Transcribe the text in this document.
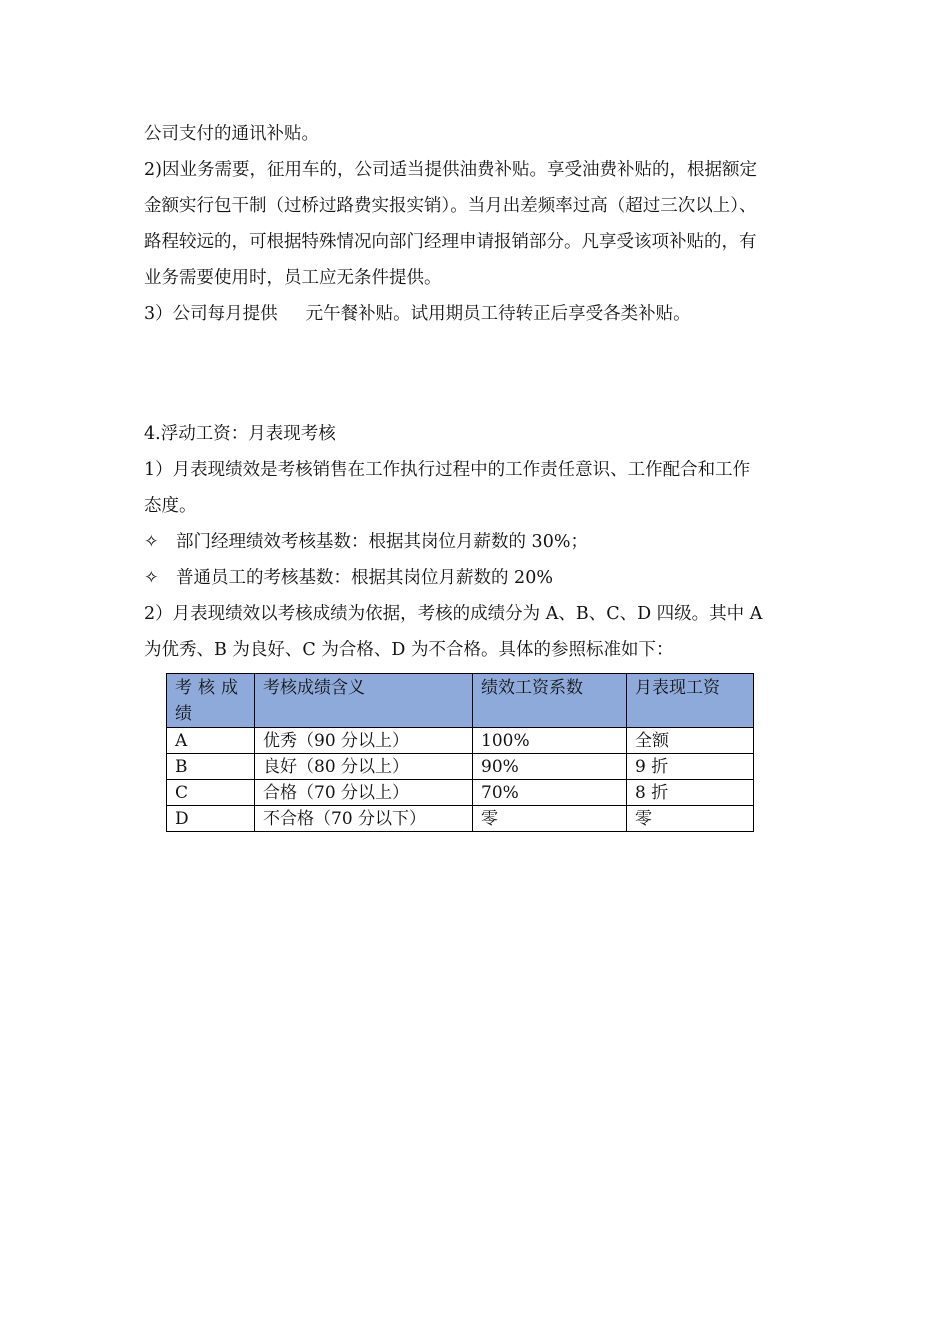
公司支付的通讯补贴。

2)因业务需要，征用车的，公司适当提供油费补贴。享受油费补贴的，根据额定

金额实行包干制（过桥过路费实报实销）。当月出差频率过高（超过三次以上）、

路程较远的，可根据特殊情况向部门经理申请报销部分。凡享受该项补贴的，有

业务需要使用时，员工应无条件提供。

3）公司每月提供 元午餐补贴。试用期员工待转正后享受各类补贴。

4.浮动工资：月表现考核

1）月表现绩效是考核销售在工作执行过程中的工作责任意识、工作配合和工作

态度。

✧ 部门经理绩效考核基数：根据其岗位月薪数的 30%；

✧ 普通员工的考核基数：根据其岗位月薪数的 20%

2）月表现绩效以考核成绩为依据，考核的成绩分为 A、B、C、D 四级。其中 A

为优秀、B 为良好、C 为合格、D 为不合格。具体的参照标准如下：

考核成绩	考核成绩含义	绩效工资系数	月表现工资
A	优秀（90 分以上）	100%	全额
B	良好（80 分以上）	90%	9 折
C	合格（70 分以上）	70%	8 折
D	不合格（70 分以下）	零	零
